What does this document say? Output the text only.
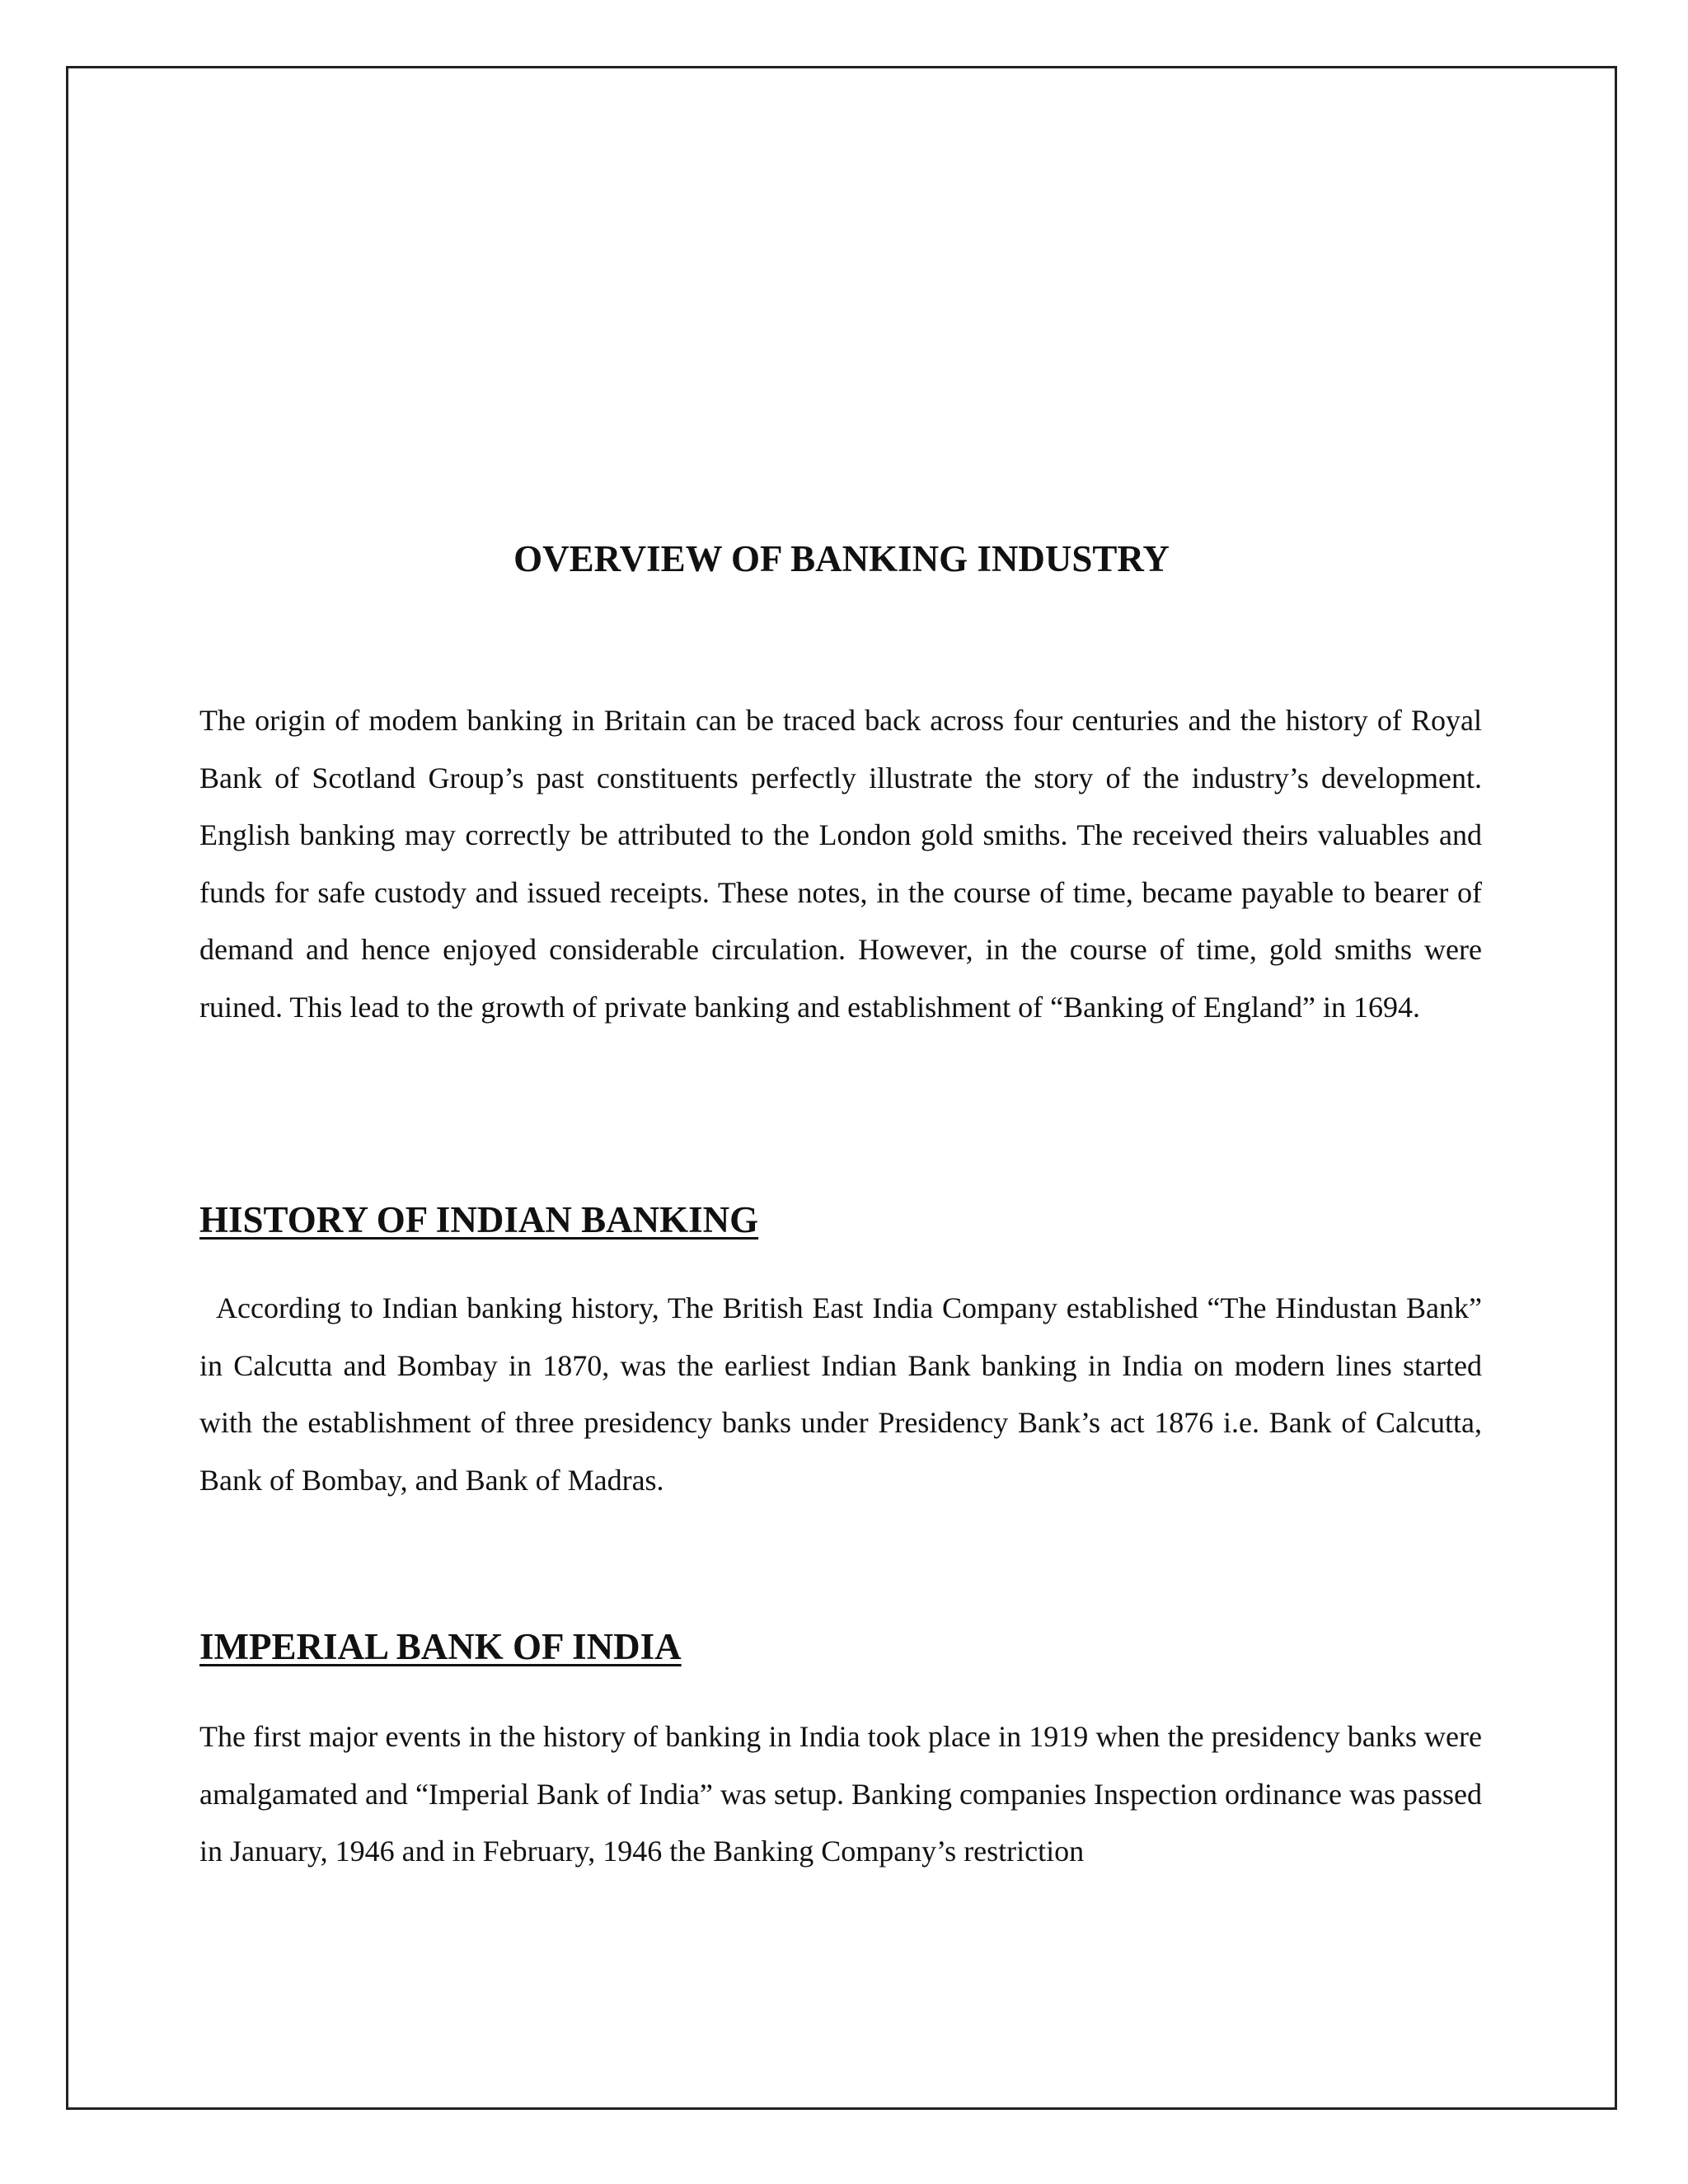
OVERVIEW OF BANKING INDUSTRY

The origin of modem banking in Britain can be traced back across four centuries and the history of Royal Bank of Scotland Group’s past constituents perfectly illustrate the story of the industry’s development. English banking may correctly be attributed to the London gold smiths. The received theirs valuables and funds for safe custody and issued receipts. These notes, in the course of time, became payable to bearer of demand and hence enjoyed considerable circulation. However, in the course of time, gold smiths were ruined. This lead to the growth of private banking and establishment of “Banking of England” in 1694.

HISTORY OF INDIAN BANKING

According to Indian banking history, The British East India Company established “The Hindustan Bank” in Calcutta and Bombay in 1870, was the earliest Indian Bank banking in India on modern lines started with the establishment of three presidency banks under Presidency Bank’s act 1876 i.e. Bank of Calcutta, Bank of Bombay, and Bank of Madras.

IMPERIAL BANK OF INDIA

The first major events in the history of banking in India took place in 1919 when the presidency banks were amalgamated and “Imperial Bank of India” was setup. Banking companies Inspection ordinance was passed in January, 1946 and in February, 1946 the Banking Company’s restriction
